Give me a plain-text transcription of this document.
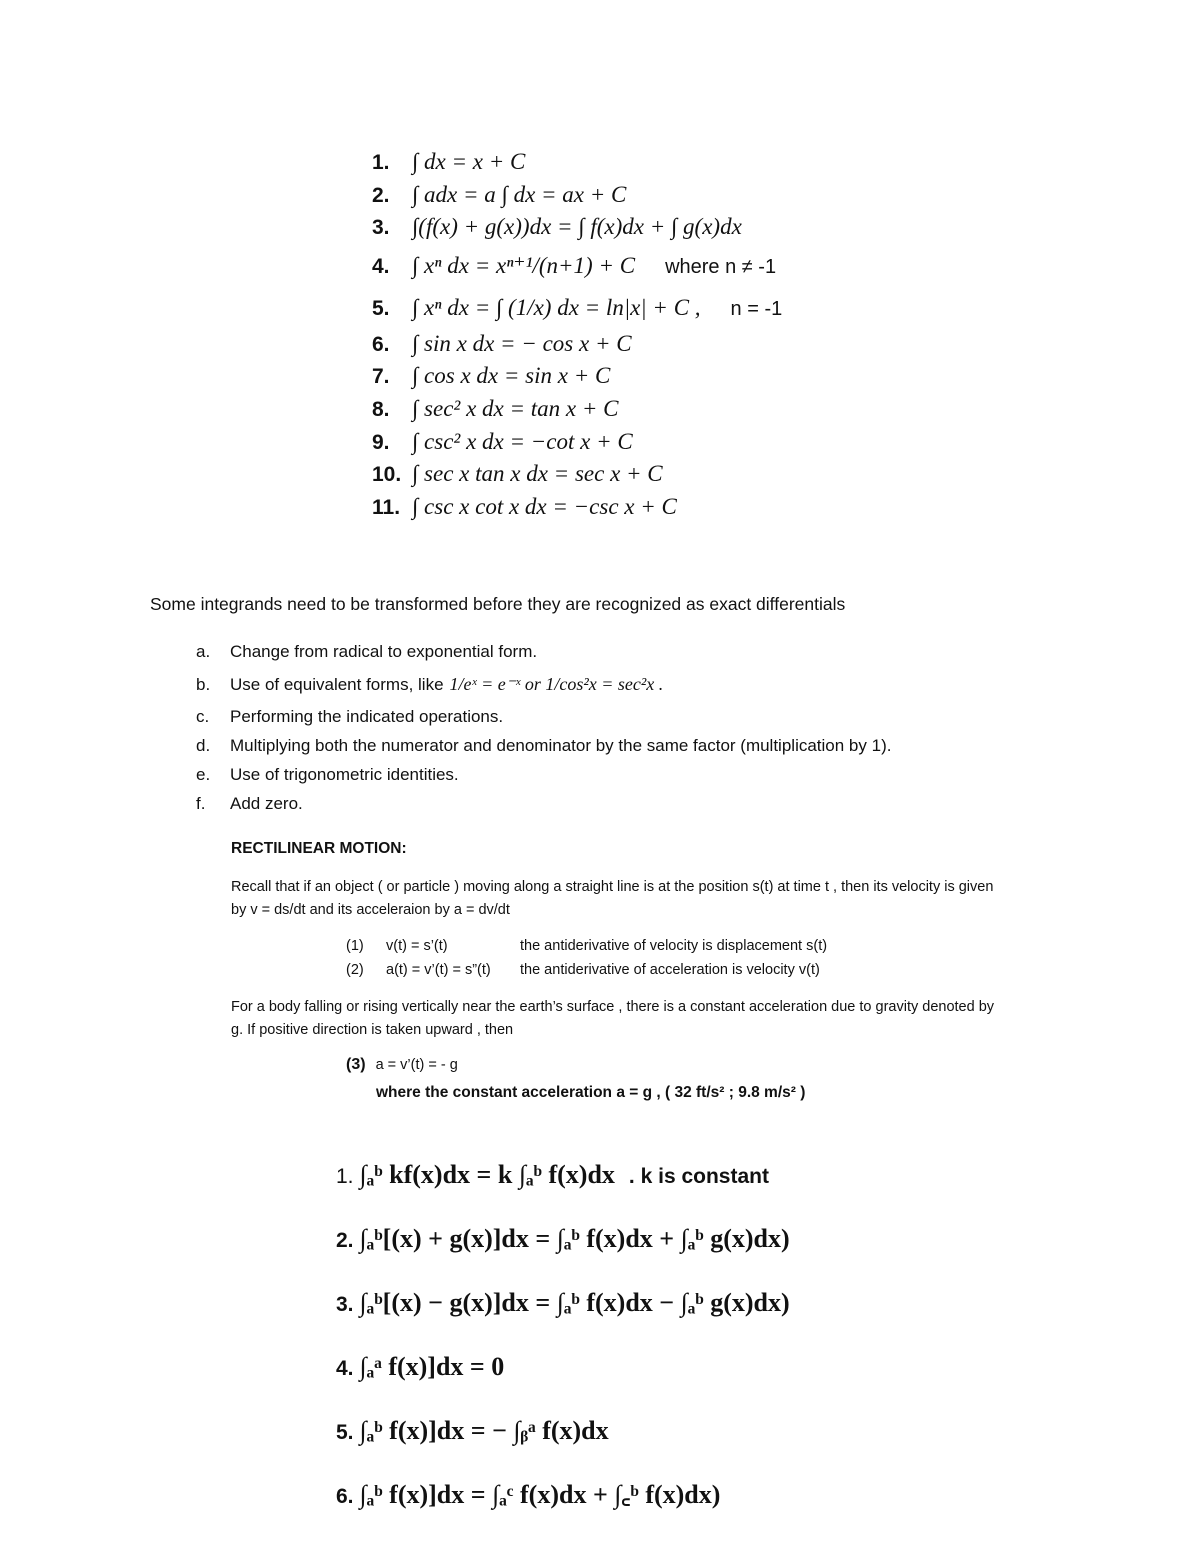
1. ∫ dx = x + C
2. ∫ adx = a ∫ dx = ax + C
3. ∫(f(x) + g(x))dx = ∫ f(x)dx + ∫ g(x)dx
4. ∫ xⁿ dx = xⁿ⁺¹/(n+1) + C where n ≠ -1
5. ∫ xⁿ dx = ∫ (1/x) dx = ln|x| + C , n = -1
6. ∫ sin x dx = − cos x + C
7. ∫ cos x dx = sin x + C
8. ∫ sec² x dx = tan x + C
9. ∫ csc² x dx = −cot x + C
10. ∫ sec x tan x dx = sec x + C
11. ∫ csc x cot x dx = −csc x + C
Some integrands need to be transformed before they are recognized as exact differentials
a. Change from radical to exponential form.
b. Use of equivalent forms, like 1/eˣ = e⁻ˣ or 1/cos²x = sec²x .
c. Performing the indicated operations.
d. Multiplying both the numerator and denominator by the same factor (multiplication by 1).
e. Use of trigonometric identities.
f. Add zero.
RECTILINEAR MOTION:
Recall that if an object ( or particle ) moving along a straight line is at the position s(t) at time t , then its velocity is given by v = ds/dt and its acceleraion by a = dv/dt
(1) v(t) = s’(t)	the antiderivative of velocity is displacement s(t)
(2) a(t) = v’(t) = s”(t) the antiderivative of acceleration is velocity v(t)
For a body falling or rising vertically near the earth’s surface , there is a constant acceleration due to gravity denoted by g. If positive direction is taken upward , then
(3) a = v’(t) = - g
where the constant acceleration a = g , ( 32 ft/s² ; 9.8 m/s² )
1. ∫ₐᵇ kf(x)dx = k ∫ₐᵇ f(x)dx . k is constant
2. ∫ₐᵇ[(x) + g(x)]dx = ∫ₐᵇ f(x)dx + ∫ₐᵇ g(x)dx)
3. ∫ₐᵇ[(x) − g(x)]dx = ∫ₐᵇ f(x)dx − ∫ₐᵇ g(x)dx)
4. ∫ₐᵃ f(x)]dx = 0
5. ∫ₐᵇ f(x)]dx = − ∫ᵦᵃ f(x)dx
6. ∫ₐᵇ f(x)]dx = ∫ₐᶜ f(x)dx + ∫꜀ᵇ f(x)dx)
